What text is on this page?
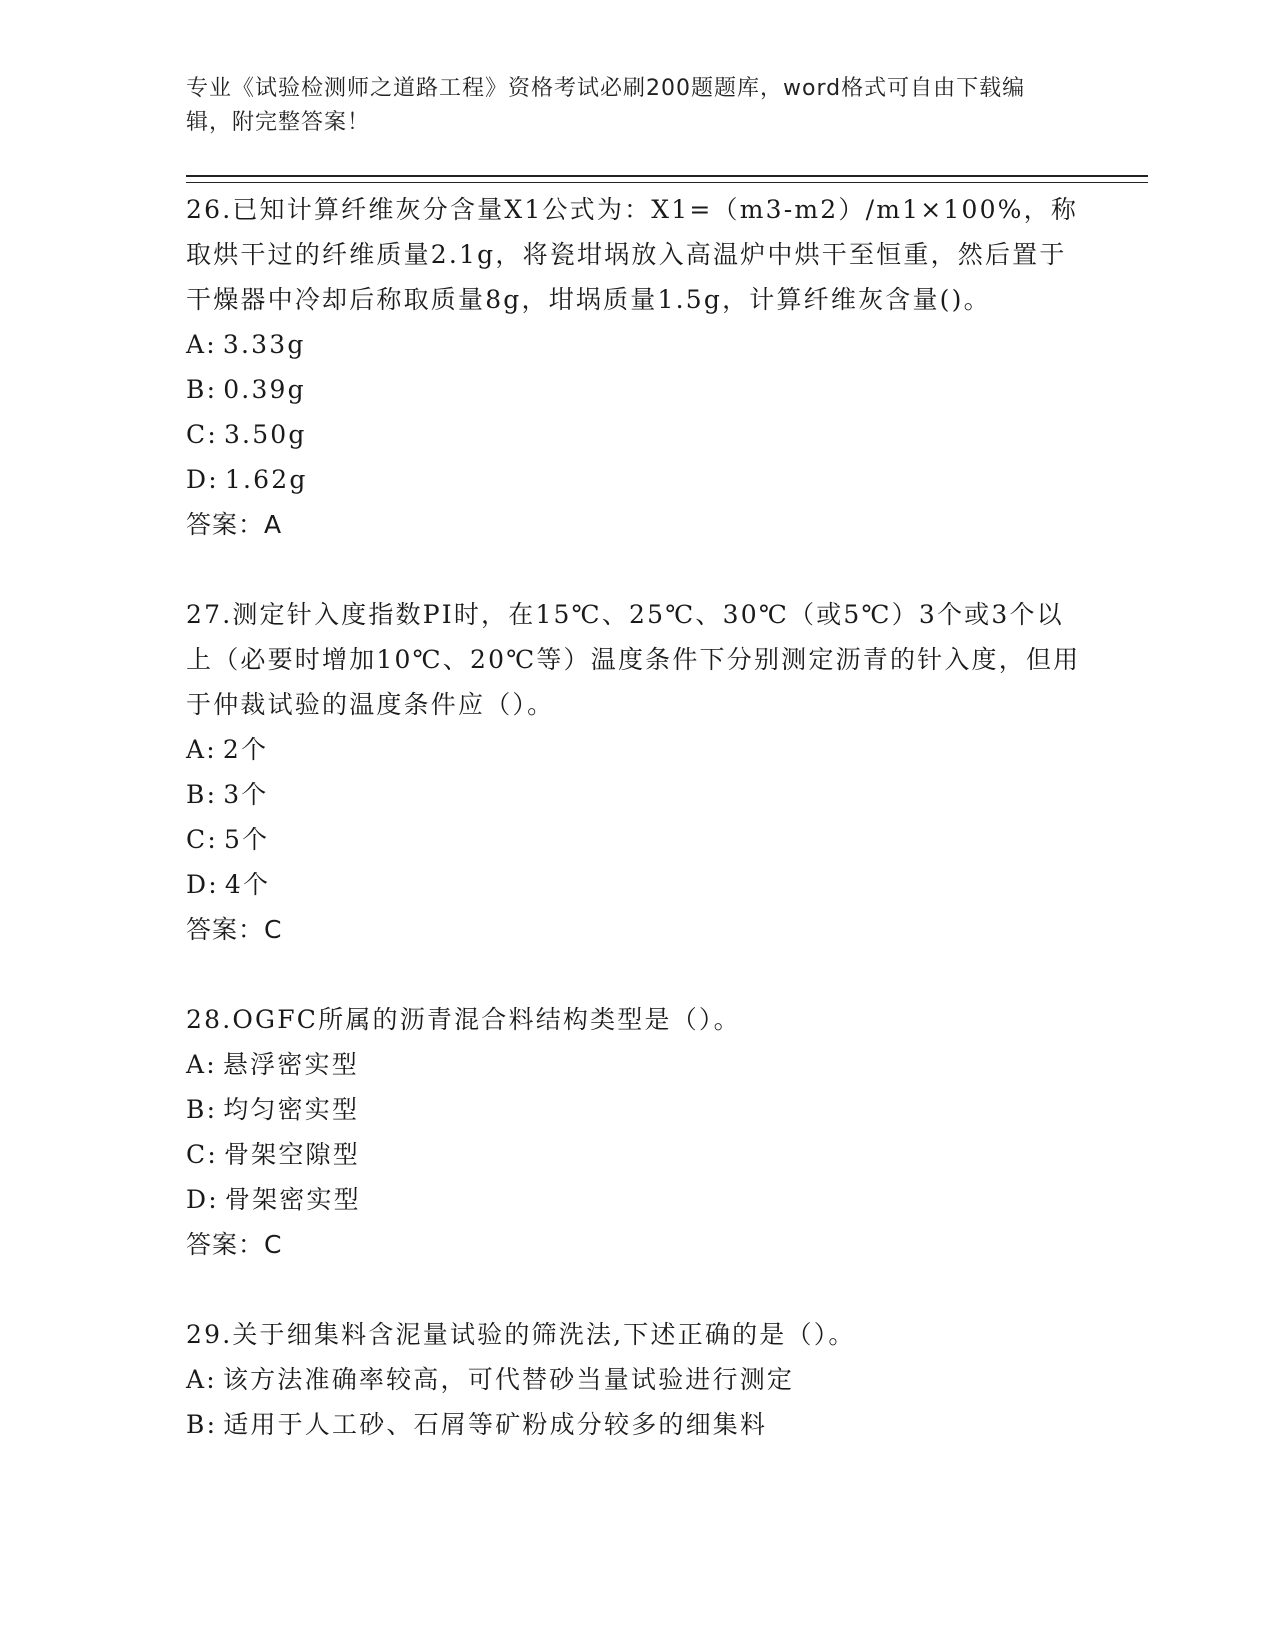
专业《试验检测师之道路工程》资格考试必刷200题题库，word格式可自由下载编辑，附完整答案！
26.已知计算纤维灰分含量X1公式为：X1=（m3-m2）/m1×100%，称取烘干过的纤维质量2.1g，将瓷坩埚放入高温炉中烘干至恒重，然后置于干燥器中冷却后称取质量8g，坩埚质量1.5g，计算纤维灰含量()。
A: 3.33g
B: 0.39g
C: 3.50g
D: 1.62g
答案：A
27.测定针入度指数PI时，在15℃、25℃、30℃（或5℃）3个或3个以上（必要时增加10℃、20℃等）温度条件下分别测定沥青的针入度，但用于仲裁试验的温度条件应（）。
A: 2个
B: 3个
C: 5个
D: 4个
答案：C
28.OGFC所属的沥青混合料结构类型是（）。
A: 悬浮密实型
B: 均匀密实型
C: 骨架空隙型
D: 骨架密实型
答案：C
29.关于细集料含泥量试验的筛洗法,下述正确的是（）。
A: 该方法准确率较高，可代替砂当量试验进行测定
B: 适用于人工砂、石屑等矿粉成分较多的细集料
